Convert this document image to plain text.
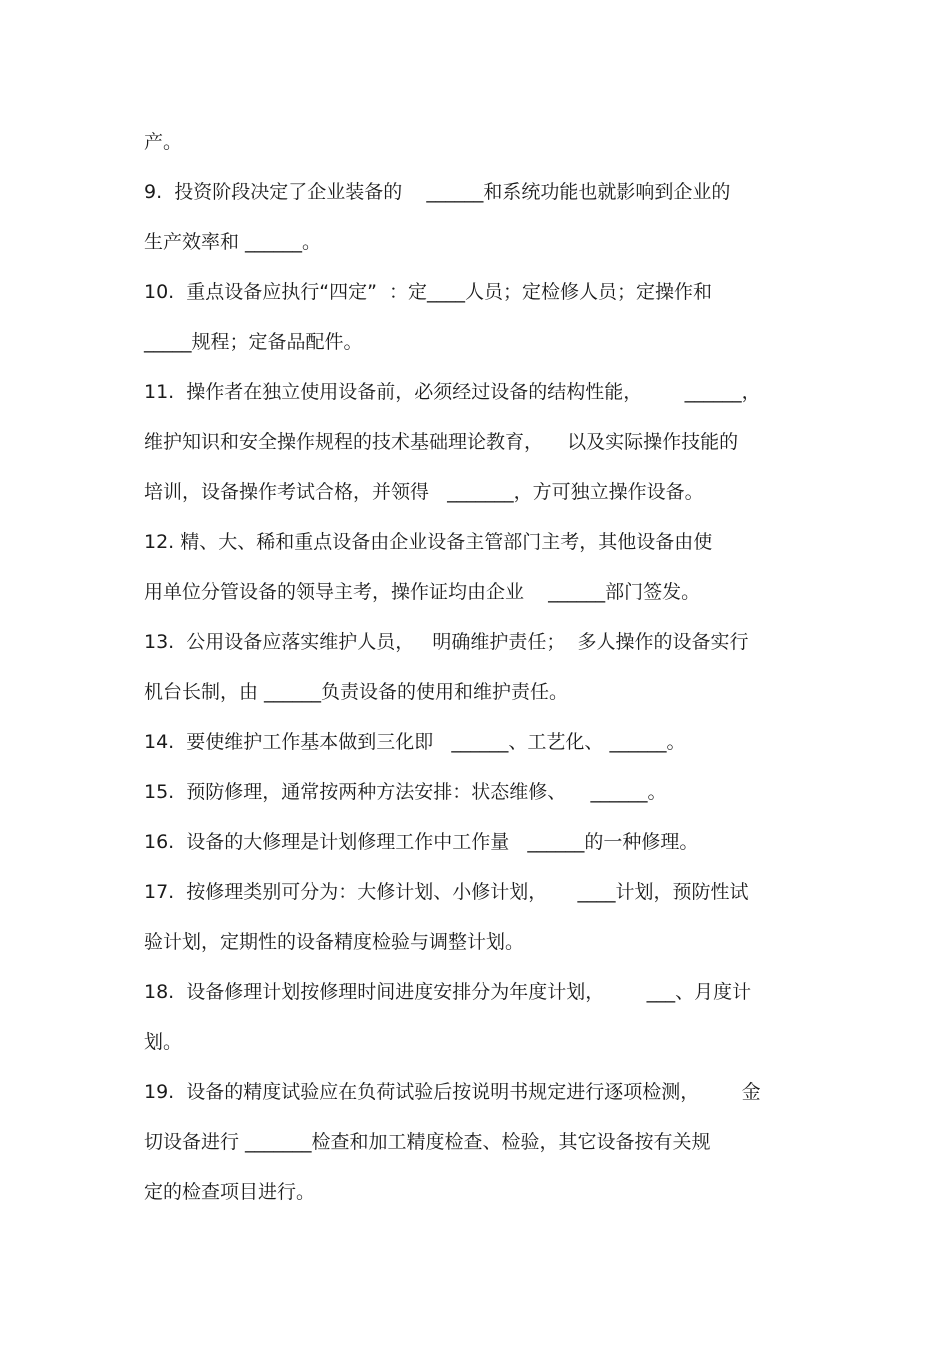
产。
9.  投资阶段决定了企业装备的    ______和系统功能也就影响到企业的
生产效率和 ______。
10.  重点设备应执行“四定”  ：定____人员；定检修人员；定操作和
_____规程；定备品配件。
11.  操作者在独立使用设备前，必须经过设备的结构性能，       ______，
维护知识和安全操作规程的技术基础理论教育，    以及实际操作技能的
培训，设备操作考试合格，并领得   _______，方可独立操作设备。
12. 精、大、稀和重点设备由企业设备主管部门主考，其他设备由使
用单位分管设备的领导主考，操作证均由企业    ______部门签发。
13.  公用设备应落实维护人员，   明确维护责任；  多人操作的设备实行
机台长制，由 ______负责设备的使用和维护责任。
14.  要使维护工作基本做到三化即   ______、工艺化、 ______。
15.  预防修理，通常按两种方法安排：状态维修、    ______。
16.  设备的大修理是计划修理工作中工作量   ______的一种修理。
17.  按修理类别可分为：大修计划、小修计划，     ____计划，预防性试
验计划，定期性的设备精度检验与调整计划。
18.  设备修理计划按修理时间进度安排分为年度计划，       ___、月度计
划。
19.  设备的精度试验应在负荷试验后按说明书规定进行逐项检测，       金
切设备进行 _______检查和加工精度检查、检验，其它设备按有关规
定的检查项目进行。
